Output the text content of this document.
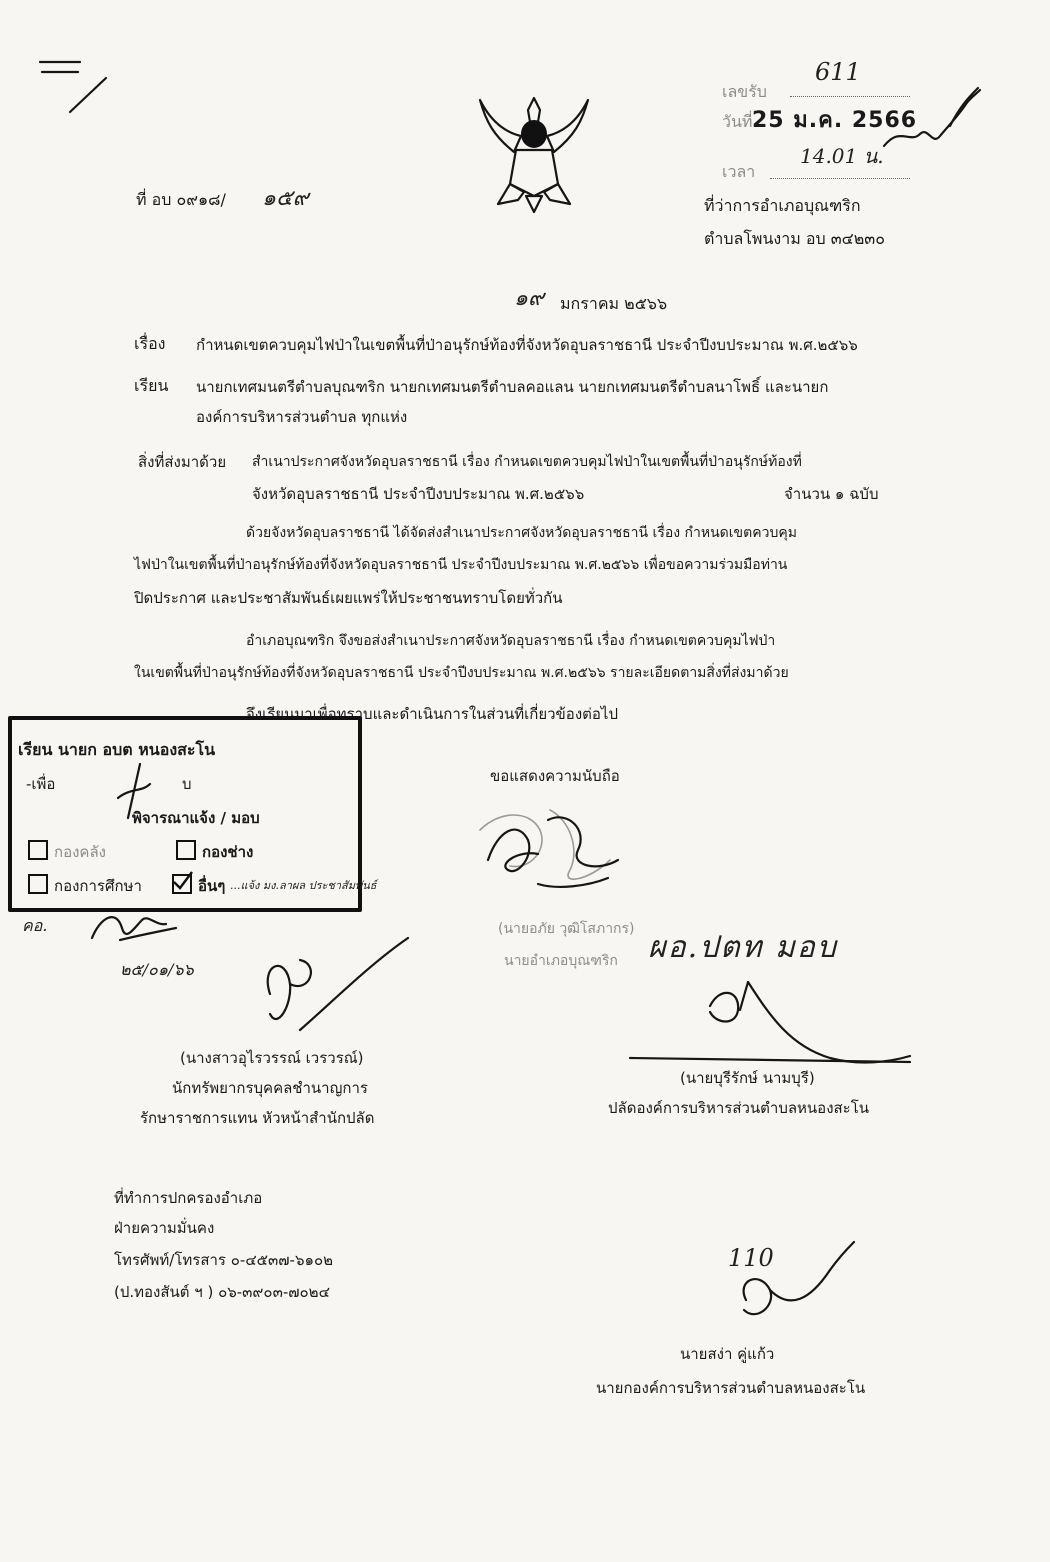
เลขรับ
611
วันที่ 25 ม.ค. 2566
เวลา
14.01 น.
ที่ อบ ๐๙๑๘/ ๑๕๙	ที่ว่าการอำเภอบุณฑริก
ตำบลโพนงาม อบ ๓๔๒๓๐
๑๙ มกราคม ๒๕๖๖
เรื่อง กำหนดเขตควบคุมไฟป่าในเขตพื้นที่ป่าอนุรักษ์ท้องที่จังหวัดอุบลราชธานี ประจำปีงบประมาณ พ.ศ.๒๕๖๖
เรียน นายกเทศมนตรีตำบลบุณฑริก นายกเทศมนตรีตำบลคอแลน นายกเทศมนตรีตำบลนาโพธิ์ และนายก
องค์การบริหารส่วนตำบล ทุกแห่ง
สิ่งที่ส่งมาด้วย สำเนาประกาศจังหวัดอุบลราชธานี เรื่อง กำหนดเขตควบคุมไฟป่าในเขตพื้นที่ป่าอนุรักษ์ท้องที่
จังหวัดอุบลราชธานี ประจำปีงบประมาณ พ.ศ.๒๕๖๖	จำนวน ๑ ฉบับ
ด้วยจังหวัดอุบลราชธานี ได้จัดส่งสำเนาประกาศจังหวัดอุบลราชธานี เรื่อง กำหนดเขตควบคุม
ไฟป่าในเขตพื้นที่ป่าอนุรักษ์ท้องที่จังหวัดอุบลราชธานี ประจำปีงบประมาณ พ.ศ.๒๕๖๖ เพื่อขอความร่วมมือท่าน
ปิดประกาศ และประชาสัมพันธ์เผยแพร่ให้ประชาชนทราบโดยทั่วกัน
อำเภอบุณฑริก จึงขอส่งสำเนาประกาศจังหวัดอุบลราชธานี เรื่อง กำหนดเขตควบคุมไฟป่า
ในเขตพื้นที่ป่าอนุรักษ์ท้องที่จังหวัดอุบลราชธานี ประจำปีงบประมาณ พ.ศ.๒๕๖๖ รายละเอียดตามสิ่งที่ส่งมาด้วย
จึงเรียนมาเพื่อทราบและดำเนินการในส่วนที่เกี่ยวข้องต่อไป
เรียน นายก อบต หนองสะโน
-เพื่อ	บ
พิจารณาแจ้ง / มอบ
กองคลัง	กองช่าง
กองการศึกษา	อื่นๆ ...แจ้ง มง.ลาผล ประชาสัมพันธ์
คอ.
๒๕/๐๑/๖๖
ขอแสดงความนับถือ
(นายอภัย วุฒิโสภากร)
นายอำเภอบุณฑริก ผอ.ปตท มอบ
(นางสาวอุไรวรรณ์ เวรวรณ์)
นักทรัพยากรบุคคลชำนาญการ
รักษาราชการแทน หัวหน้าสำนักปลัด
(นายบุรีรักษ์ นามบุรี)
ปลัดองค์การบริหารส่วนตำบลหนองสะโน
ที่ทำการปกครองอำเภอ
ฝ่ายความมั่นคง
โทรศัพท์/โทรสาร ๐-๔๕๓๗-๖๑๐๒
(ป.ทองสันต์ ฯ ) ๐๖-๓๙๐๓-๗๐๒๔
110
นายสง่า คู่แก้ว
นายกองค์การบริหารส่วนตำบลหนองสะโน
